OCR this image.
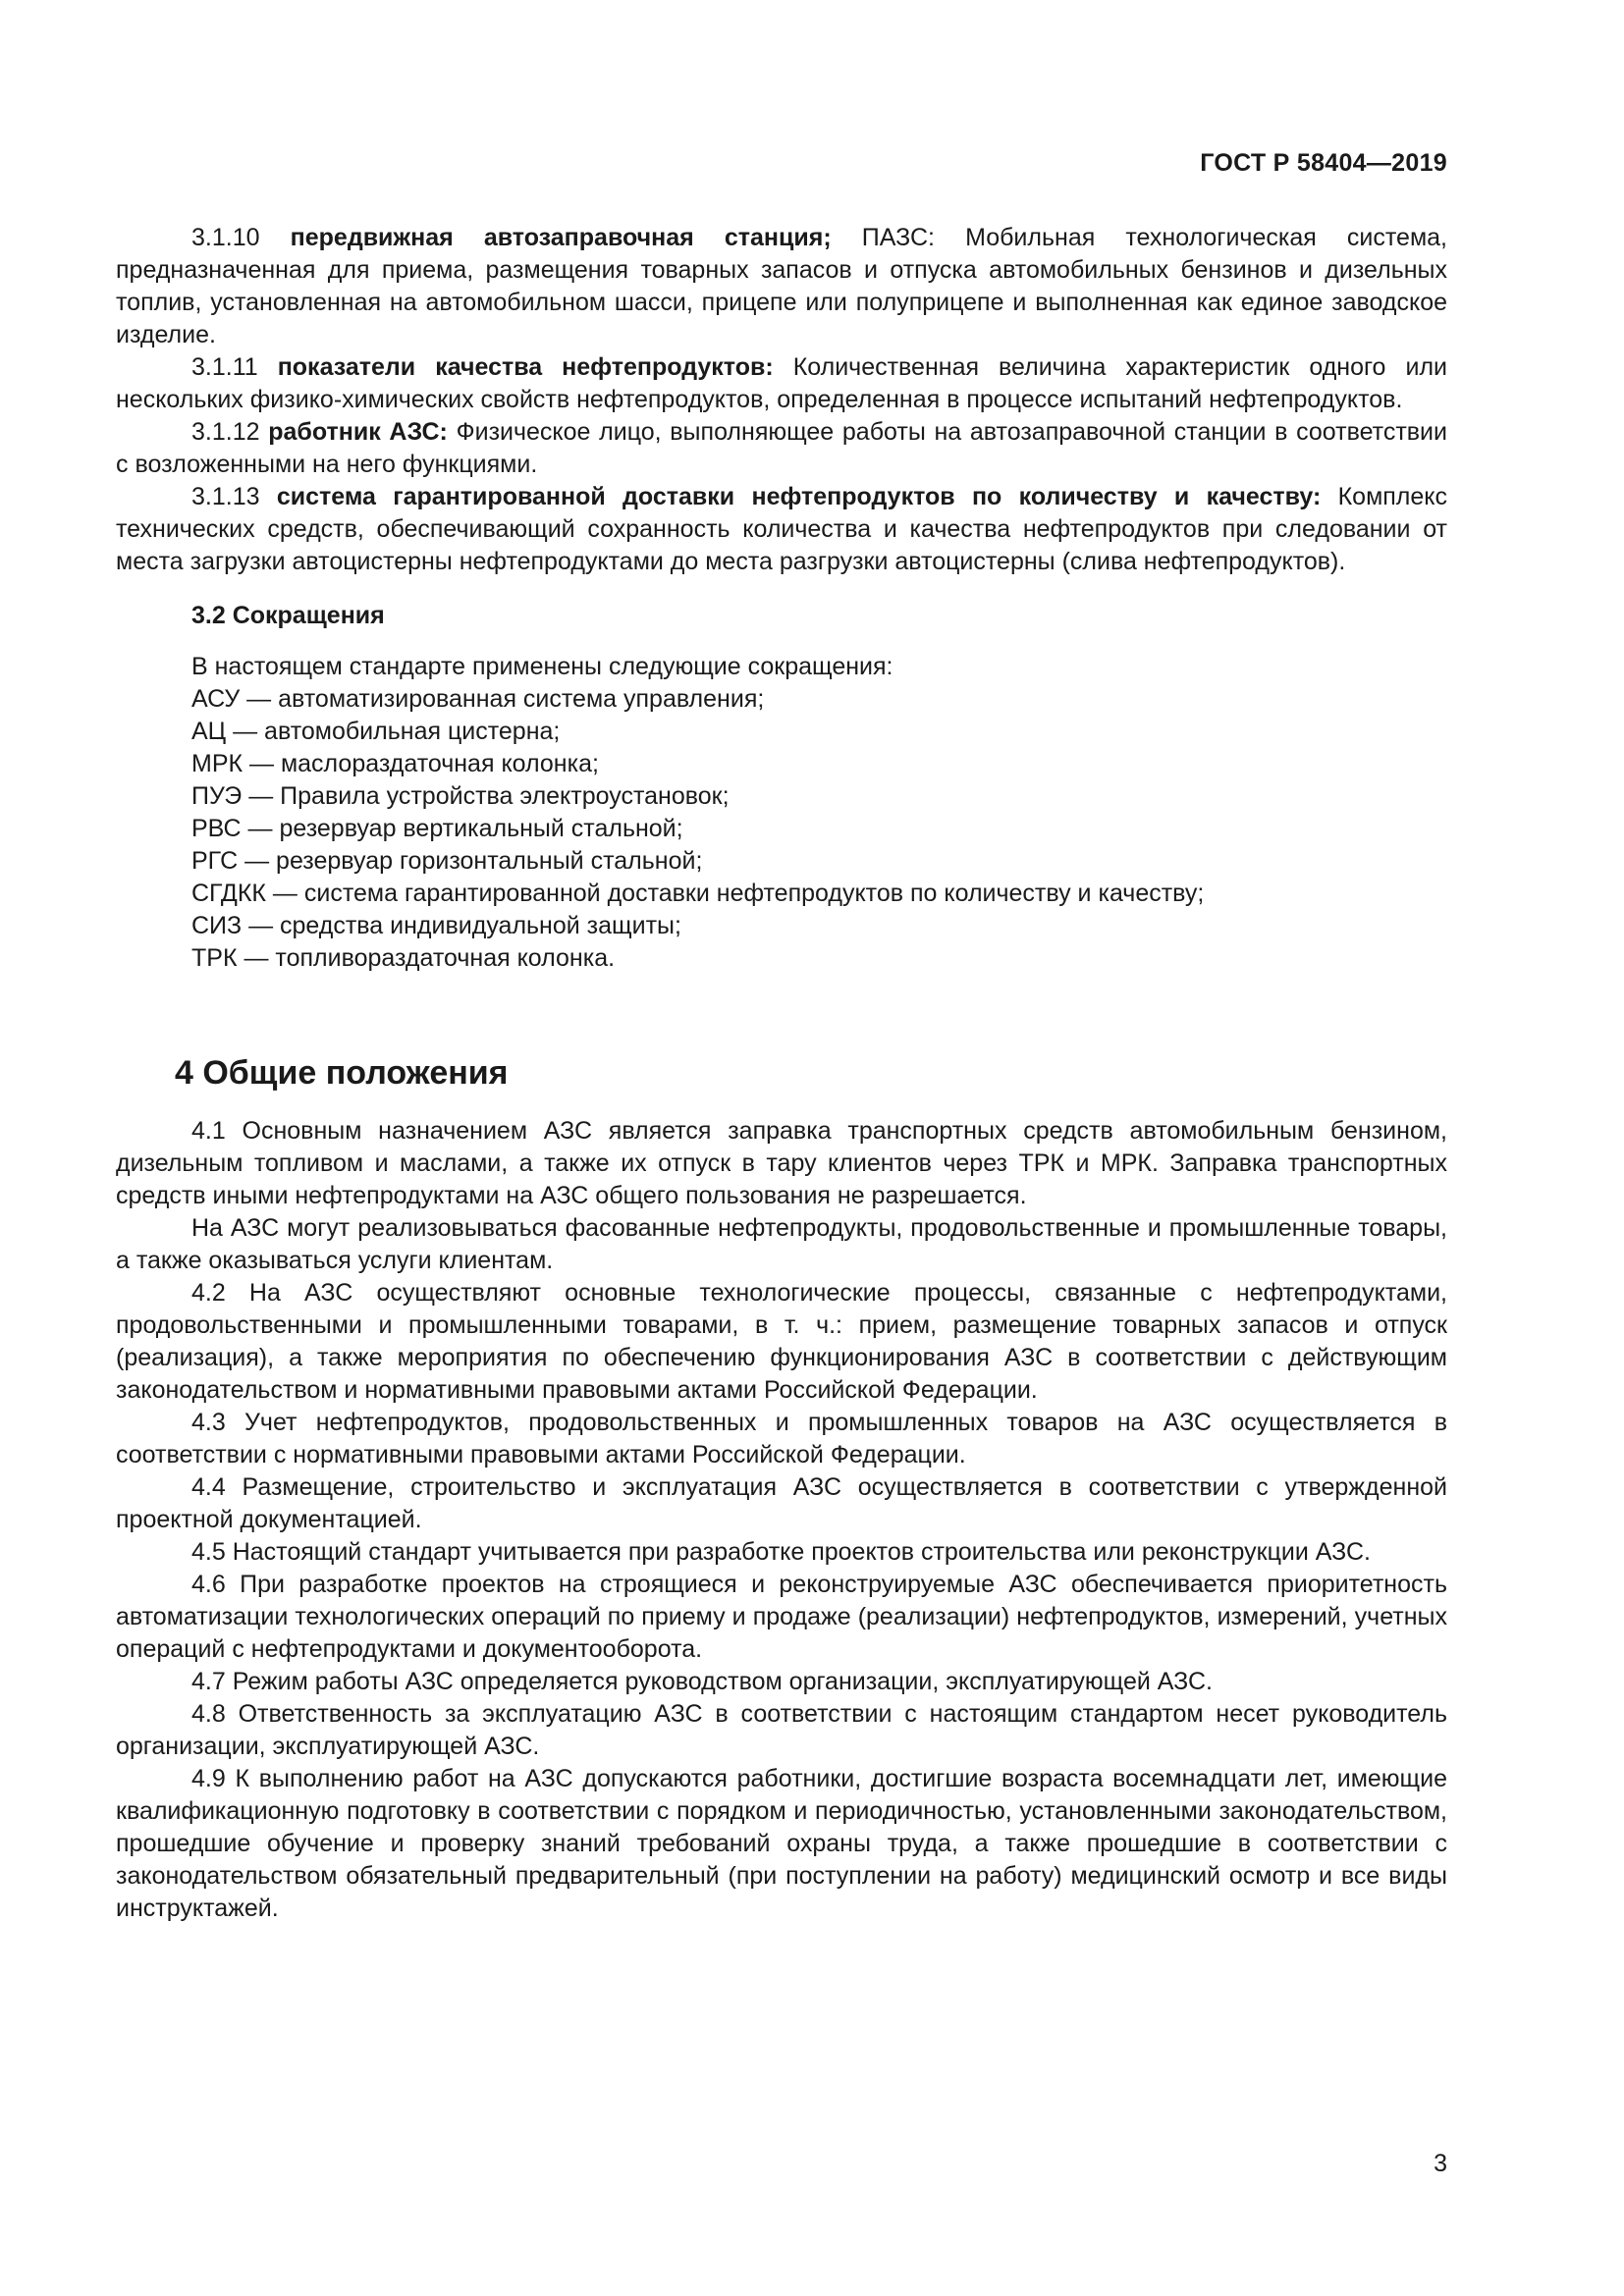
ГОСТ Р 58404—2019

3.1.10 передвижная автозаправочная станция; ПАЗС: Мобильная технологическая система, предназначенная для приема, размещения товарных запасов и отпуска автомобильных бензинов и дизельных топлив, установленная на автомобильном шасси, прицепе или полуприцепе и выполненная как единое заводское изделие.

3.1.11 показатели качества нефтепродуктов: Количественная величина характеристик одного или нескольких физико-химических свойств нефтепродуктов, определенная в процессе испытаний нефтепродуктов.

3.1.12 работник АЗС: Физическое лицо, выполняющее работы на автозаправочной станции в соответствии с возложенными на него функциями.

3.1.13 система гарантированной доставки нефтепродуктов по количеству и качеству: Комплекс технических средств, обеспечивающий сохранность количества и качества нефтепродуктов при следовании от места загрузки автоцистерны нефтепродуктами до места разгрузки автоцистерны (слива нефтепродуктов).

3.2 Сокращения
В настоящем стандарте применены следующие сокращения:
АСУ — автоматизированная система управления;
АЦ — автомобильная цистерна;
МРК — маслораздаточная колонка;
ПУЭ — Правила устройства электроустановок;
РВС — резервуар вертикальный стальной;
РГС — резервуар горизонтальный стальной;
СГДКК — система гарантированной доставки нефтепродуктов по количеству и качеству;
СИЗ — средства индивидуальной защиты;
ТРК — топливораздаточная колонка.
4 Общие положения

4.1 Основным назначением АЗС является заправка транспортных средств автомобильным бензином, дизельным топливом и маслами, а также их отпуск в тару клиентов через ТРК и МРК. Заправка транспортных средств иными нефтепродуктами на АЗС общего пользования не разрешается.

На АЗС могут реализовываться фасованные нефтепродукты, продовольственные и промышленные товары, а также оказываться услуги клиентам.

4.2 На АЗС осуществляют основные технологические процессы, связанные с нефтепродуктами, продовольственными и промышленными товарами, в т. ч.: прием, размещение товарных запасов и отпуск (реализация), а также мероприятия по обеспечению функционирования АЗС в соответствии с действующим законодательством и нормативными правовыми актами Российской Федерации.

4.3 Учет нефтепродуктов, продовольственных и промышленных товаров на АЗС осуществляется в соответствии с нормативными правовыми актами Российской Федерации.

4.4 Размещение, строительство и эксплуатация АЗС осуществляется в соответствии с утвержденной проектной документацией.

4.5 Настоящий стандарт учитывается при разработке проектов строительства или реконструкции АЗС.

4.6 При разработке проектов на строящиеся и реконструируемые АЗС обеспечивается приоритетность автоматизации технологических операций по приему и продаже (реализации) нефтепродуктов, измерений, учетных операций с нефтепродуктами и документооборота.

4.7 Режим работы АЗС определяется руководством организации, эксплуатирующей АЗС.

4.8 Ответственность за эксплуатацию АЗС в соответствии с настоящим стандартом несет руководитель организации, эксплуатирующей АЗС.

4.9 К выполнению работ на АЗС допускаются работники, достигшие возраста восемнадцати лет, имеющие квалификационную подготовку в соответствии с порядком и периодичностью, установленными законодательством, прошедшие обучение и проверку знаний требований охраны труда, а также прошедшие в соответствии с законодательством обязательный предварительный (при поступлении на работу) медицинский осмотр и все виды инструктажей.

3
